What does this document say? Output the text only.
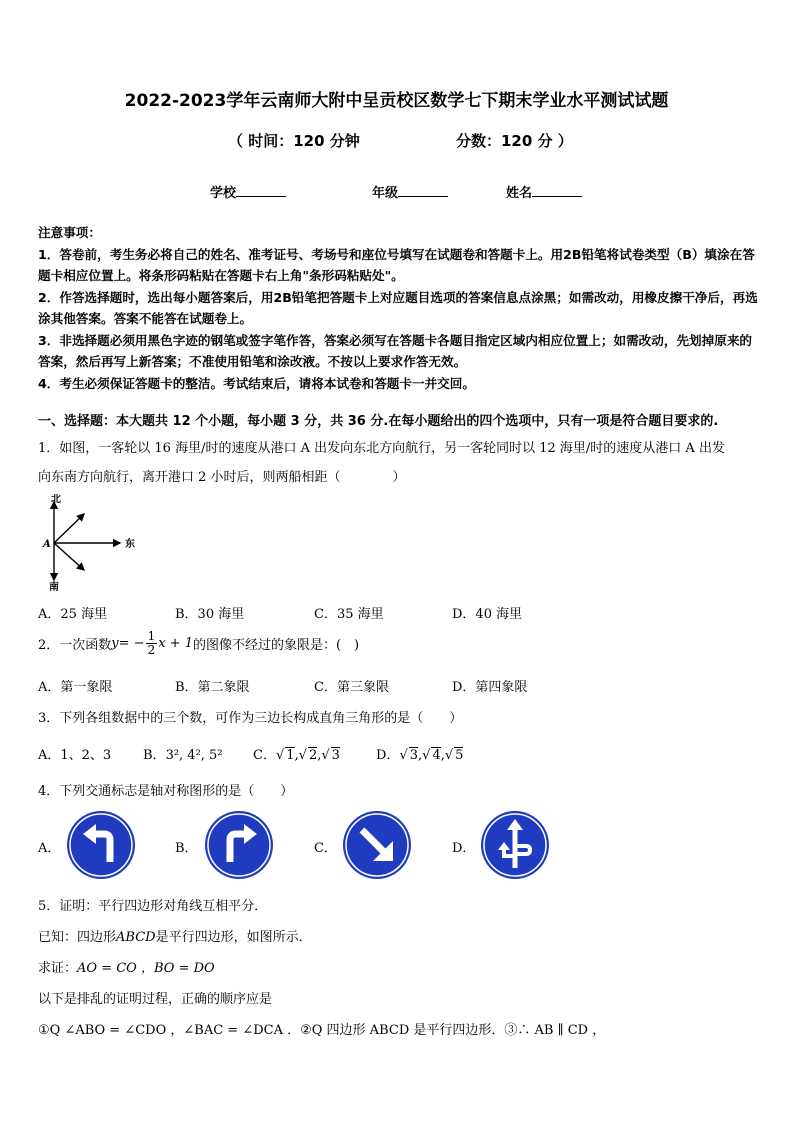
2022-2023学年云南师大附中呈贡校区数学七下期末学业水平测试试题
（ 时间：120 分钟	分数：120 分 ）
学校	年级	姓名
注意事项：
1．答卷前，考生务必将自己的姓名、准考证号、考场号和座位号填写在试题卷和答题卡上。用2B铅笔将试卷类型（B）填涂在答题卡相应位置上。将条形码粘贴在答题卡右上角"条形码粘贴处"。
2．作答选择题时，选出每小题答案后，用2B铅笔把答题卡上对应题目选项的答案信息点涂黑；如需改动，用橡皮擦干净后，再选涂其他答案。答案不能答在试题卷上。
3．非选择题必须用黑色字迹的钢笔或签字笔作答，答案必须写在答题卡各题目指定区域内相应位置上；如需改动，先划掉原来的答案，然后再写上新答案；不准使用铅笔和涂改液。不按以上要求作答无效。
4．考生必须保证答题卡的整洁。考试结束后，请将本试卷和答题卡一并交回。
一、选择题：本大题共 12 个小题，每小题 3 分，共 36 分.在每小题给出的四个选项中，只有一项是符合题目要求的.
1．如图，一客轮以 16 海里/时的速度从港口 A 出发向东北方向航行，另一客轮同时以 12 海里/时的速度从港口 A 出发
向东南方向航行，离开港口 2 小时后，则两船相距（　　　　）
北
东
南
A
A．25 海里	B．30 海里	C．35 海里	D．40 海里
2．一次函数 y = − $\frac{1}{2}$ x + 1 的图像不经过的象限是：(　)
A．第一象限	B．第二象限	C．第三象限	D．第四象限
3．下列各组数据中的三个数，可作为三边长构成直角三角形的是（　　）
A．1、2、3 B．3², 4², 5² C．√ 1,√ 2,√ 3	D．√ 3,√ 4,√ 5
4．下列交通标志是轴对称图形的是（　　）
A．	B．	C．	D．
5．证明：平行四边形对角线互相平分．
已知：四边形ABCD是平行四边形，如图所示．
求证：AO = CO ，BO = DO
以下是排乱的证明过程，正确的顺序应是
①Q ∠ABO = ∠CDO ，∠BAC = ∠DCA ．②Q 四边形 ABCD 是平行四边形．③∴ AB ∥ CD ，
